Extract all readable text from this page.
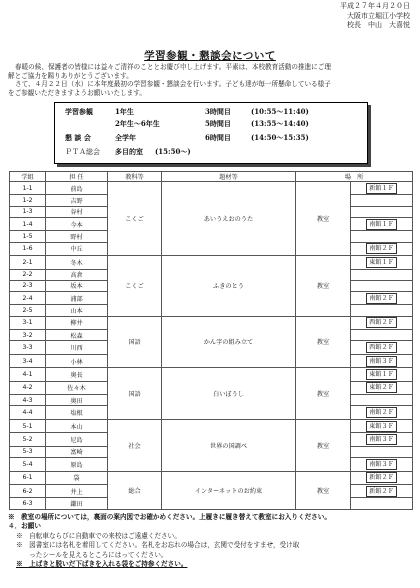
平成２７年４月２０日
大阪市立堀江小学校
校長　中山　大喜悦
学習参観・懇談会について

春暖の候、保護者の皆様には益々ご清祥のこととお慶び申し上げます。平素は、本校教育活動の推進にご理

解とご協力を賜りありがとうございます。

さて、４月２２日（水）に本年度最初の学習参観・懇談会を行います。子ども達が毎一所懸命している様子

をご参観いただきますようお願いいたします。

学習参観	1年生	3時間目	(10:55～11:40)
2年生～6年生	5時間目	(13:55～14:40)
懇 談 会	全学年	6時間目	(14:50～15:35)
ＰＴＡ総会 多目的室 (15:50～)
学組	担 任	教科等	題材等	場　所	
1-1	前島	こくご	あいうえおのうた	教室	新館１Ｆ
1-2	吉野				
1-3	谷村				
1-4	今本				南館１Ｆ
1-5	野村				
1-6	中丘				南館２Ｆ
2-1	冬木	こくご	ふきのとう	教室	東館１Ｆ
2-2	高倉				
2-3	坂本				
2-4	浦部				南館２Ｆ
2-5	山本				
3-1	柳井	国語	かん字の組み立て	教室	西館２Ｆ
3-2	松森				
3-3	川西				西館２Ｆ
3-4	小林				南館３Ｆ
4-1	奥長	国語	白いぼうし	教室	東館１Ｆ
4-2	佐々木				東館２Ｆ
4-3	奥田				
4-4	塩根				南館２Ｆ
5-1	本山	社会	世界の国調べ	教室	東館３Ｆ
5-2	尼島				南館３Ｆ
5-3	富崎				
5-4	原島				南館３Ｆ
6-1	袋	総合	インターネットのお約束	教室	新館２Ｆ
6-2	井上				新館２Ｆ
6-3	鎌田				
※　教室の場所については，裏面の案内図でお確かめください。上履きに履き替えて教室にお入りください。
４．お願い
※　自転車ならびに自動車での来校はご遠慮ください。
※　図書室には名札を着用してください。名札をお忘れの場合は，玄関で受付をすませ，受け取
　　ったシールを見えるところにはってください。
※　上ばきと脱いだ下ばきを入れる袋をご持参ください。
